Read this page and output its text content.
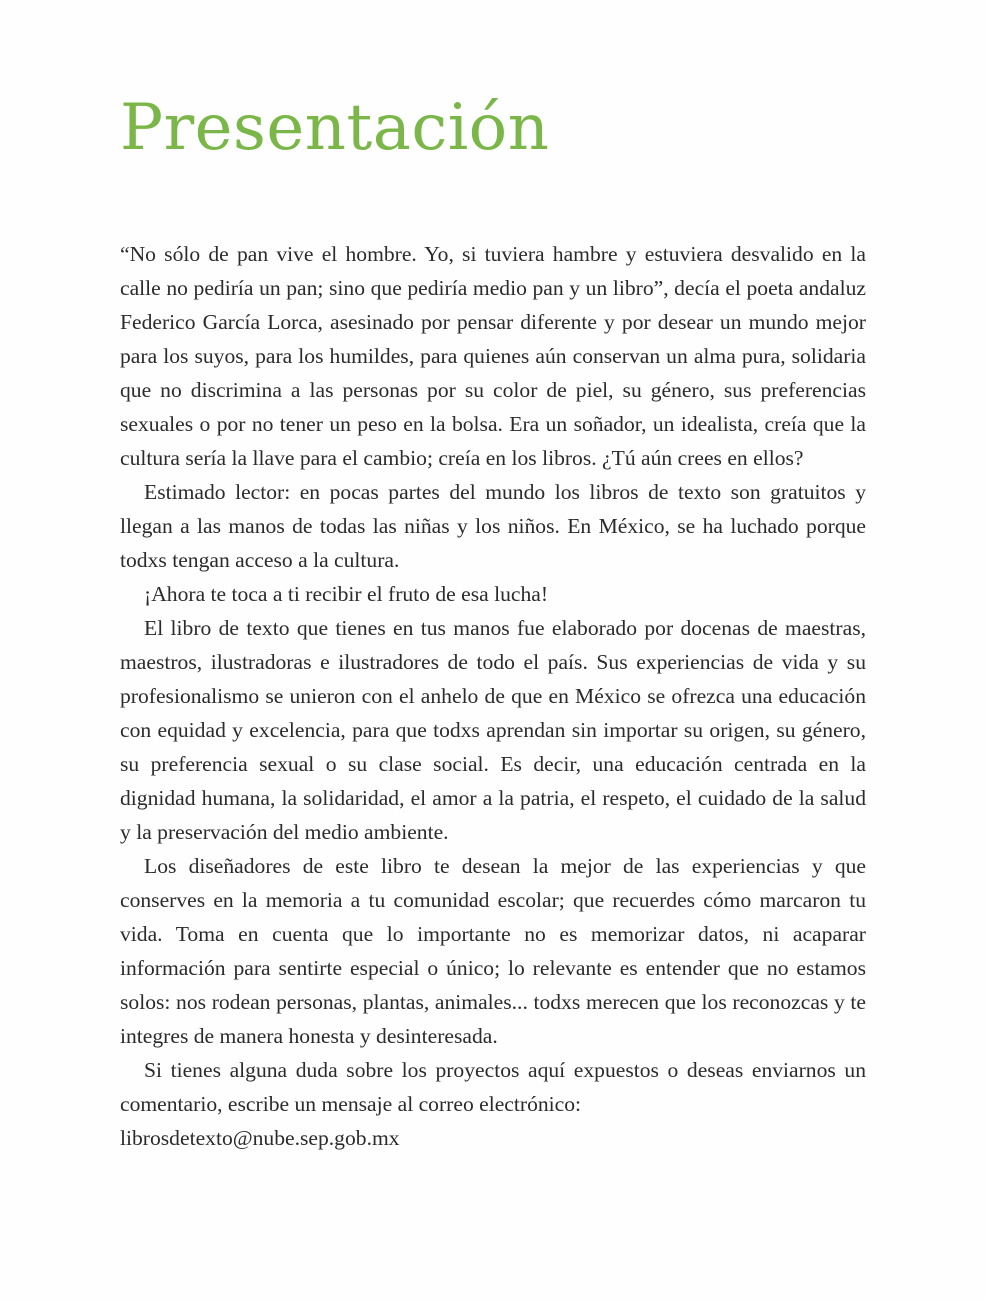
Presentación

“No sólo de pan vive el hombre. Yo, si tuviera hambre y estuviera desvalido en la calle no pediría un pan; sino que pediría medio pan y un libro”, decía el poeta andaluz Federico García Lorca, asesinado por pensar diferente y por desear un mundo mejor para los suyos, para los humildes, para quienes aún conservan un alma pura, solidaria que no discrimina a las personas por su color de piel, su género, sus preferencias sexuales o por no tener un peso en la bolsa. Era un soñador, un idealista, creía que la cultura sería la llave para el cambio; creía en los libros. ¿Tú aún crees en ellos?

Estimado lector: en pocas partes del mundo los libros de texto son gratuitos y llegan a las manos de todas las niñas y los niños. En México, se ha luchado porque todxs tengan acceso a la cultura.

¡Ahora te toca a ti recibir el fruto de esa lucha!

El libro de texto que tienes en tus manos fue elaborado por docenas de maestras, maestros, ilustradoras e ilustradores de todo el país. Sus experiencias de vida y su profesionalismo se unieron con el anhelo de que en México se ofrezca una educación con equidad y excelencia, para que todxs aprendan sin importar su origen, su género, su preferencia sexual o su clase social. Es decir, una educación centrada en la dignidad humana, la solidaridad, el amor a la patria, el respeto, el cuidado de la salud y la preservación del medio ambiente.

Los diseñadores de este libro te desean la mejor de las experiencias y que conserves en la memoria a tu comunidad escolar; que recuerdes cómo marcaron tu vida. Toma en cuenta que lo importante no es memorizar datos, ni acaparar información para sentirte especial o único; lo relevante es entender que no estamos solos: nos rodean personas, plantas, animales... todxs merecen que los reconozcas y te integres de manera honesta y desinteresada.

Si tienes alguna duda sobre los proyectos aquí expuestos o deseas enviarnos un comentario, escribe un mensaje al correo electrónico:

librosdetexto@nube.sep.gob.mx
